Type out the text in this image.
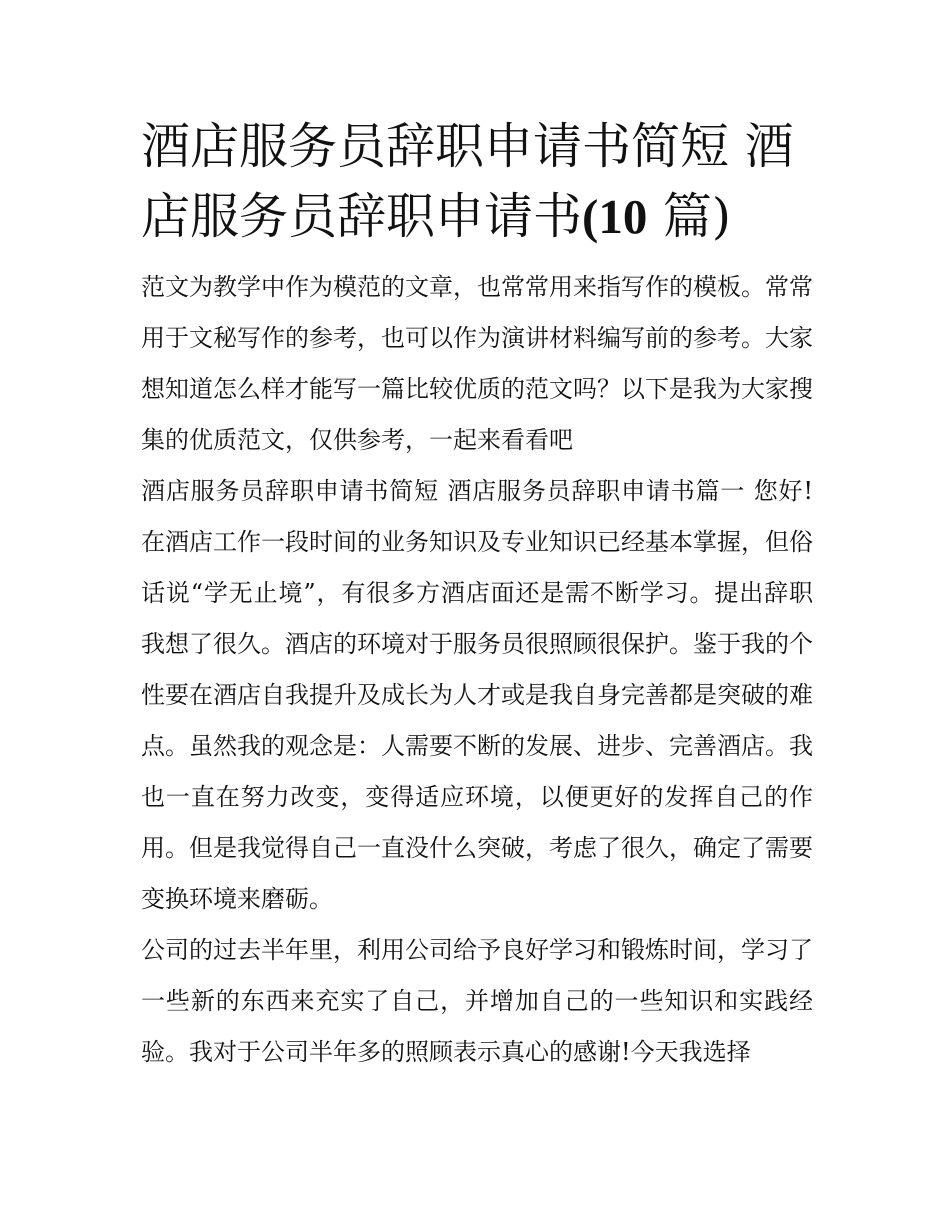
酒店服务员辞职申请书简短 酒店服务员辞职申请书(10 篇)

范文为教学中作为模范的文章，也常常用来指写作的模板。常常用于文秘写作的参考，也可以作为演讲材料编写前的参考。大家想知道怎么样才能写一篇比较优质的范文吗？以下是我为大家搜集的优质范文，仅供参考，一起来看看吧

酒店服务员辞职申请书简短 酒店服务员辞职申请书篇一 您好!在酒店工作一段时间的业务知识及专业知识已经基本掌握，但俗话说“学无止境”，有很多方酒店面还是需不断学习。提出辞职我想了很久。酒店的环境对于服务员很照顾很保护。鉴于我的个性要在酒店自我提升及成长为人才或是我自身完善都是突破的难点。虽然我的观念是：人需要不断的发展、进步、完善酒店。我也一直在努力改变，变得适应环境，以便更好的发挥自己的作用。但是我觉得自己一直没什么突破，考虑了很久，确定了需要变换环境来磨砺。

公司的过去半年里，利用公司给予良好学习和锻炼时间，学习了一些新的东西来充实了自己，并增加自己的一些知识和实践经验。我对于公司半年多的照顾表示真心的感谢!今天我选择
